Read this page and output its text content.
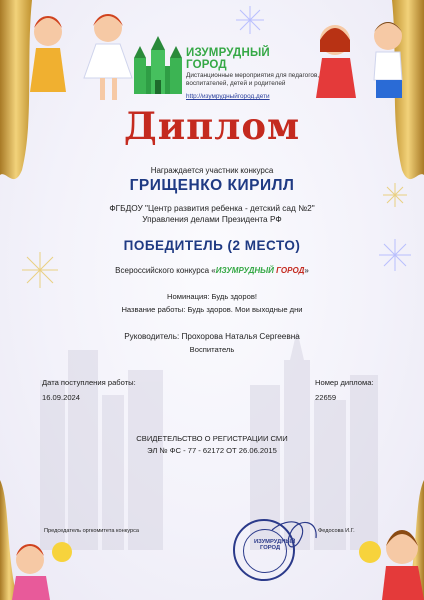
ИЗУМРУДНЫЙ
ГОРОД
Дистанционные мероприятия для педагогов, воспитателей, детей и родителей
http://изумрудныйгород.дети
Диплом
Награждается участник конкурса
ГРИЩЕНКО КИРИЛЛ
ФГБДОУ "Центр развития ребенка - детский сад №2"
Управления делами Президента РФ
ПОБЕДИТЕЛЬ (2 МЕСТО)
Всероссийского конкурса «ИЗУМРУДНЫЙ ГОРОД»
Номинация: Будь здоров!
Название работы: Будь здоров. Мои выходные дни
Руководитель: Прохорова Наталья Сергеевна
Воспитатель
Дата поступления работы:
16.09.2024
Номер диплома:
22659
СВИДЕТЕЛЬСТВО О РЕГИСТРАЦИИ СМИ
ЭЛ № ФС - 77 - 62172 ОТ 26.06.2015
Председатель оргкомитета конкурса	Федосова И.Г.
ИЗУМРУДНЫЙ
ГОРОД
